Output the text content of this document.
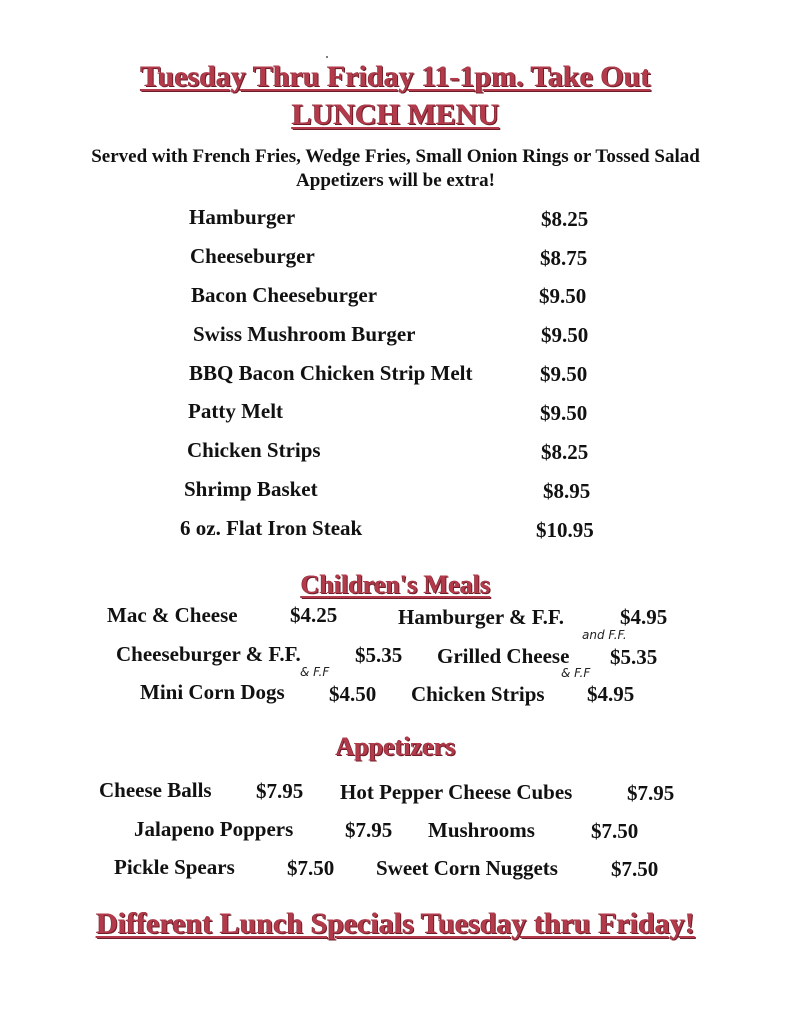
Tuesday Thru Friday 11-1pm. Take Out
LUNCH MENU
Served with French Fries, Wedge Fries, Small Onion Rings or Tossed Salad
Appetizers will be extra!
Hamburger	$8.25
Cheeseburger	$8.75
Bacon Cheeseburger	$9.50
Swiss Mushroom Burger	$9.50
BBQ Bacon Chicken Strip Melt	$9.50
Patty Melt	$9.50
Chicken Strips	$8.25
Shrimp Basket	$8.95
6 oz. Flat Iron Steak	$10.95
Children's Meals
Mac & Cheese $4.25	Hamburger & F.F.	$4.95
Cheeseburger & F.F.	$5.35 Grilled Cheese $5.35
Mini Corn Dogs $4.50 Chicken Strips $4.95
and F.F.
& F.F	& F.F
Appetizers
Cheese Balls $7.95 Hot Pepper Cheese Cubes	$7.95
Jalapeno Poppers $7.95 Mushrooms	$7.50
Pickle Spears $7.50 Sweet Corn Nuggets	$7.50
Different Lunch Specials Tuesday thru Friday!
